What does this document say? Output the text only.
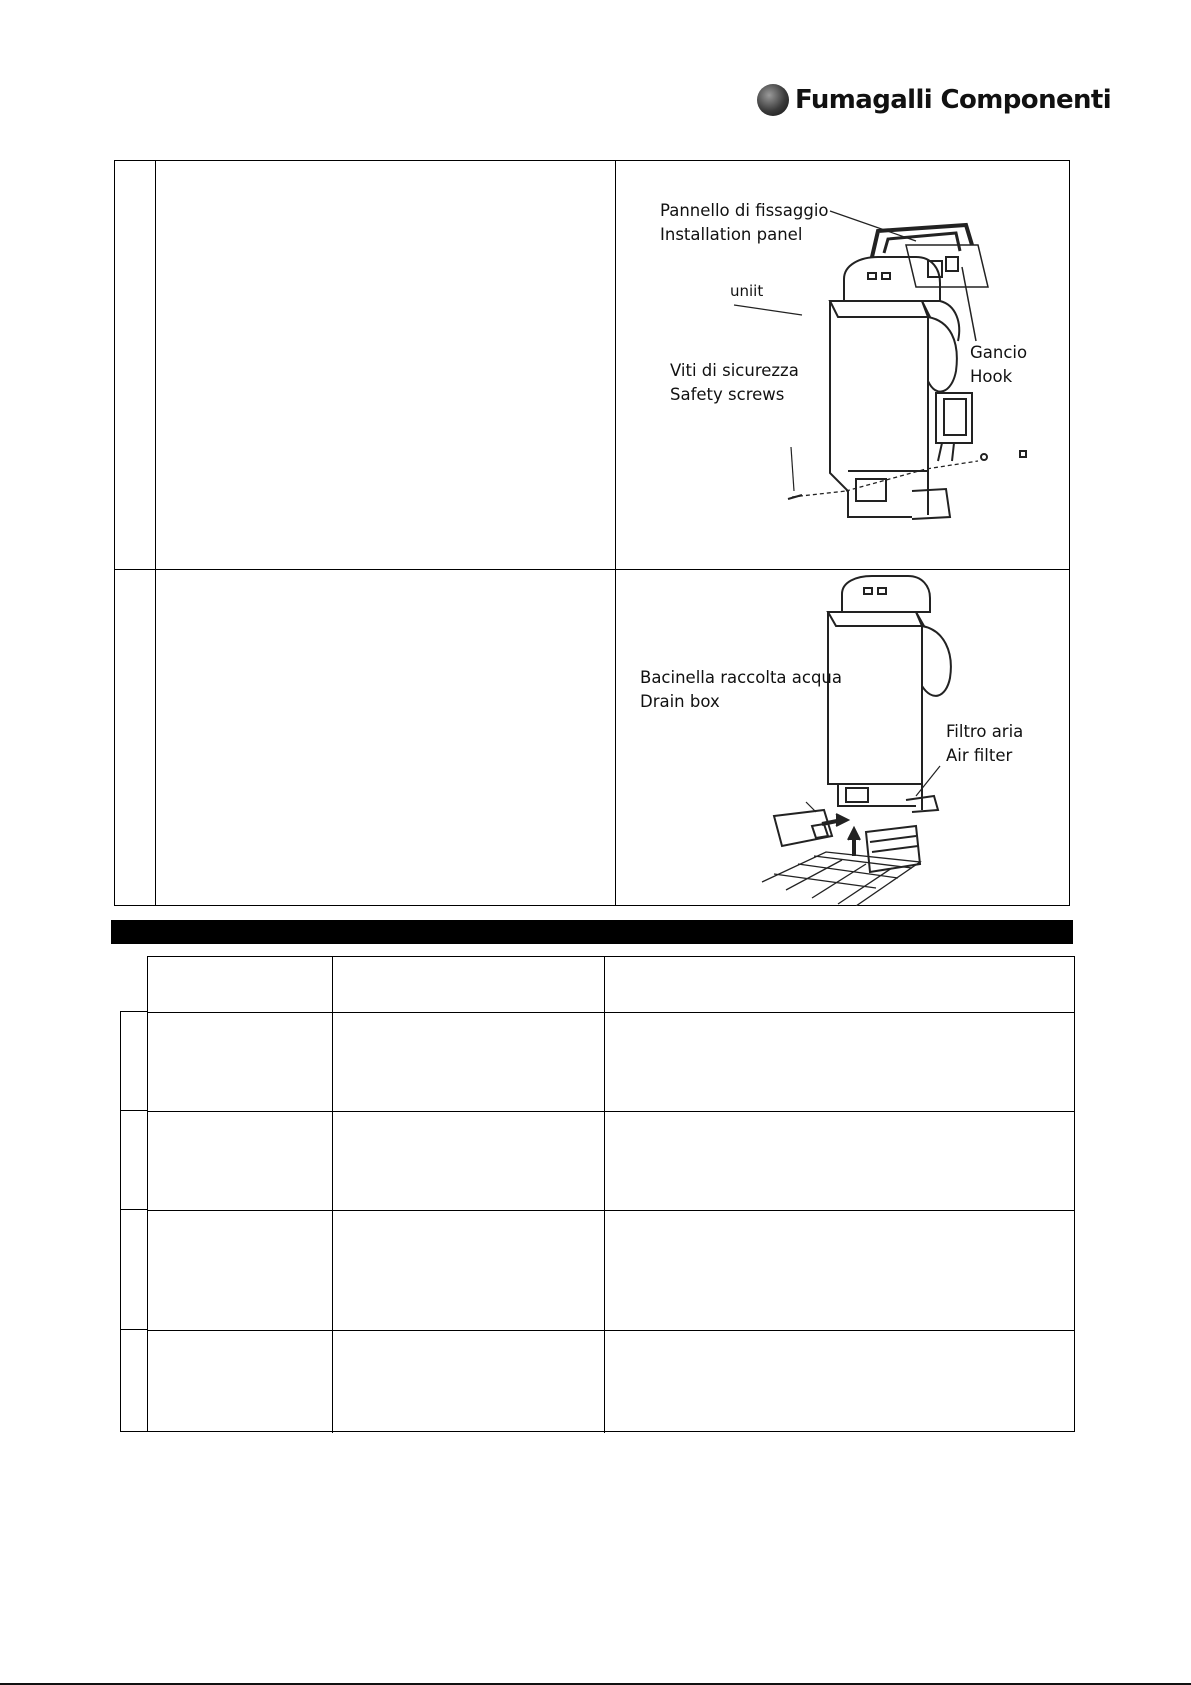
Fumagalli Componenti
Pannello di fissaggio
Installation panel
uniit
Gancio
Hook
Viti di sicurezza
Safety screws
Bacinella raccolta acqua
Drain box
Filtro aria
Air filter
